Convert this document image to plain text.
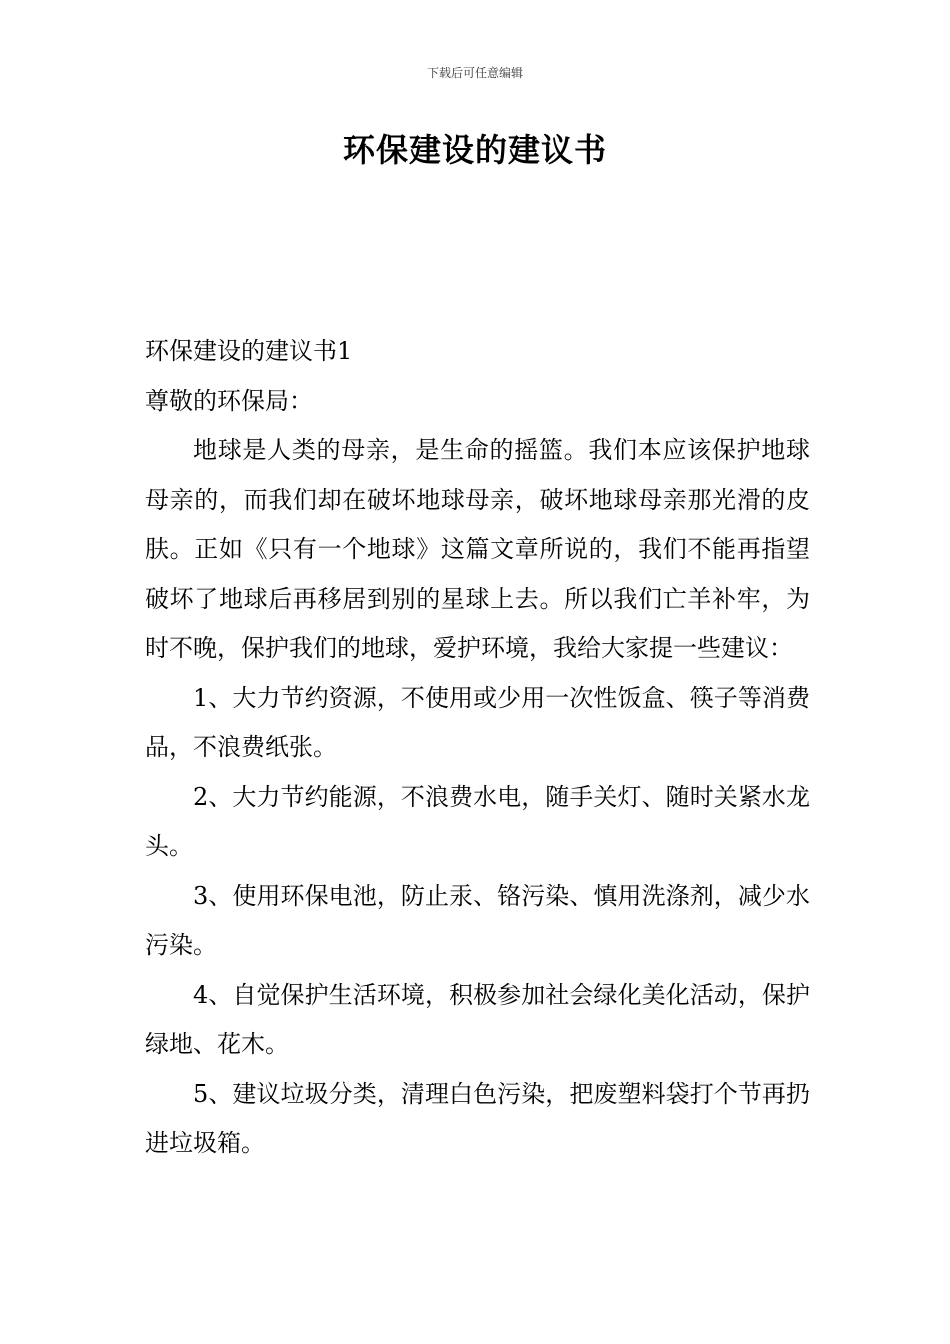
下载后可任意编辑
环保建设的建议书

环保建设的建议书1

尊敬的环保局：

地球是人类的母亲，是生命的摇篮。我们本应该保护地球母亲的，而我们却在破坏地球母亲，破坏地球母亲那光滑的皮肤。正如《只有一个地球》这篇文章所说的，我们不能再指望破坏了地球后再移居到别的星球上去。所以我们亡羊补牢，为时不晚，保护我们的地球，爱护环境，我给大家提一些建议：

1、大力节约资源，不使用或少用一次性饭盒、筷子等消费品，不浪费纸张。

2、大力节约能源，不浪费水电，随手关灯、随时关紧水龙头。

3、使用环保电池，防止汞、铬污染、慎用洗涤剂，减少水污染。

4、自觉保护生活环境，积极参加社会绿化美化活动，保护绿地、花木。

5、建议垃圾分类，清理白色污染，把废塑料袋打个节再扔进垃圾箱。
